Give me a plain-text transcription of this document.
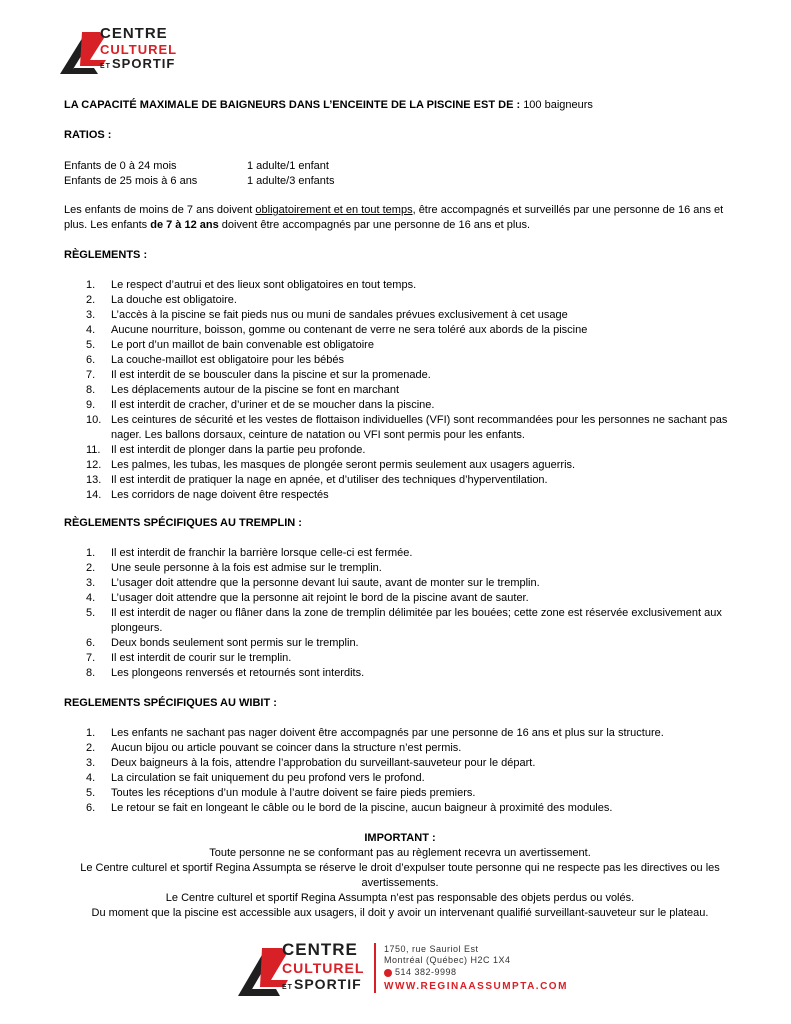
CENTRE
CULTUREL
ET SPORTIF
LA CAPACITÉ MAXIMALE DE BAIGNEURS DANS L’ENCEINTE DE LA PISCINE EST DE : 100 baigneurs
RATIOS :
Enfants de 0 à 24 mois	1 adulte/1 enfant
Enfants de 25 mois à 6 ans	1 adulte/3 enfants
Les enfants de moins de 7 ans doivent obligatoirement et en tout temps, être accompagnés et surveillés par une personne de 16 ans et plus. Les enfants de 7 à 12 ans doivent être accompagnés par une personne de 16 ans et plus.
RÈGLEMENTS :
1.	Le respect d’autrui et des lieux sont obligatoires en tout temps.
2.	La douche est obligatoire.
3.	L’accès à la piscine se fait pieds nus ou muni de sandales prévues exclusivement à cet usage
4.	Aucune nourriture, boisson, gomme ou contenant de verre ne sera toléré aux abords de la piscine
5.	Le port d’un maillot de bain convenable est obligatoire
6.	La couche-maillot est obligatoire pour les bébés
7.	Il est interdit de se bousculer dans la piscine et sur la promenade.
8.	Les déplacements autour de la piscine se font en marchant
9.	Il est interdit de cracher, d’uriner et de se moucher dans la piscine.
10. Les ceintures de sécurité et les vestes de flottaison individuelles (VFI) sont recommandées pour les personnes ne sachant pas nager. Les ballons dorsaux, ceinture de natation ou VFI sont permis pour les enfants.
11. Il est interdit de plonger dans la partie peu profonde.
12. Les palmes, les tubas, les masques de plongée seront permis seulement aux usagers aguerris.
13. Il est interdit de pratiquer la nage en apnée, et d’utiliser des techniques d’hyperventilation.
14. Les corridors de nage doivent être respectés
RÈGLEMENTS SPÉCIFIQUES AU TREMPLIN :
1.	Il est interdit de franchir la barrière lorsque celle-ci est fermée.
2.	Une seule personne à la fois est admise sur le tremplin.
3.	L’usager doit attendre que la personne devant lui saute, avant de monter sur le tremplin.
4.	L’usager doit attendre que la personne ait rejoint le bord de la piscine avant de sauter.
5.	Il est interdit de nager ou flâner dans la zone de tremplin délimitée par les bouées; cette zone est réservée exclusivement aux plongeurs.
6.	Deux bonds seulement sont permis sur le tremplin.
7.	Il est interdit de courir sur le tremplin.
8.	Les plongeons renversés et retournés sont interdits.
REGLEMENTS SPÉCIFIQUES AU WIBIT :
1.	Les enfants ne sachant pas nager doivent être accompagnés par une personne de 16 ans et plus sur la structure.
2.	Aucun bijou ou article pouvant se coincer dans la structure n’est permis.
3.	Deux baigneurs à la fois, attendre l’approbation du surveillant-sauveteur pour le départ.
4.	La circulation se fait uniquement du peu profond vers le profond.
5.	Toutes les réceptions d’un module à l’autre doivent se faire pieds premiers.
6.	Le retour se fait en longeant le câble ou le bord de la piscine, aucun baigneur à proximité des modules.
IMPORTANT :
Toute personne ne se conformant pas au règlement recevra un avertissement.
Le Centre culturel et sportif Regina Assumpta se réserve le droit d’expulser toute personne qui ne respecte pas les directives ou les avertissements.
Le Centre culturel et sportif Regina Assumpta n’est pas responsable des objets perdus ou volés.
Du moment que la piscine est accessible aux usagers, il doit y avoir un intervenant qualifié surveillant-sauveteur sur le plateau.
CENTRE
CULTUREL
ET SPORTIF
1750, rue Sauriol Est
Montréal (Québec) H2C 1X4
514 382-9998
WWW.REGINAASSUMPTA.COM
